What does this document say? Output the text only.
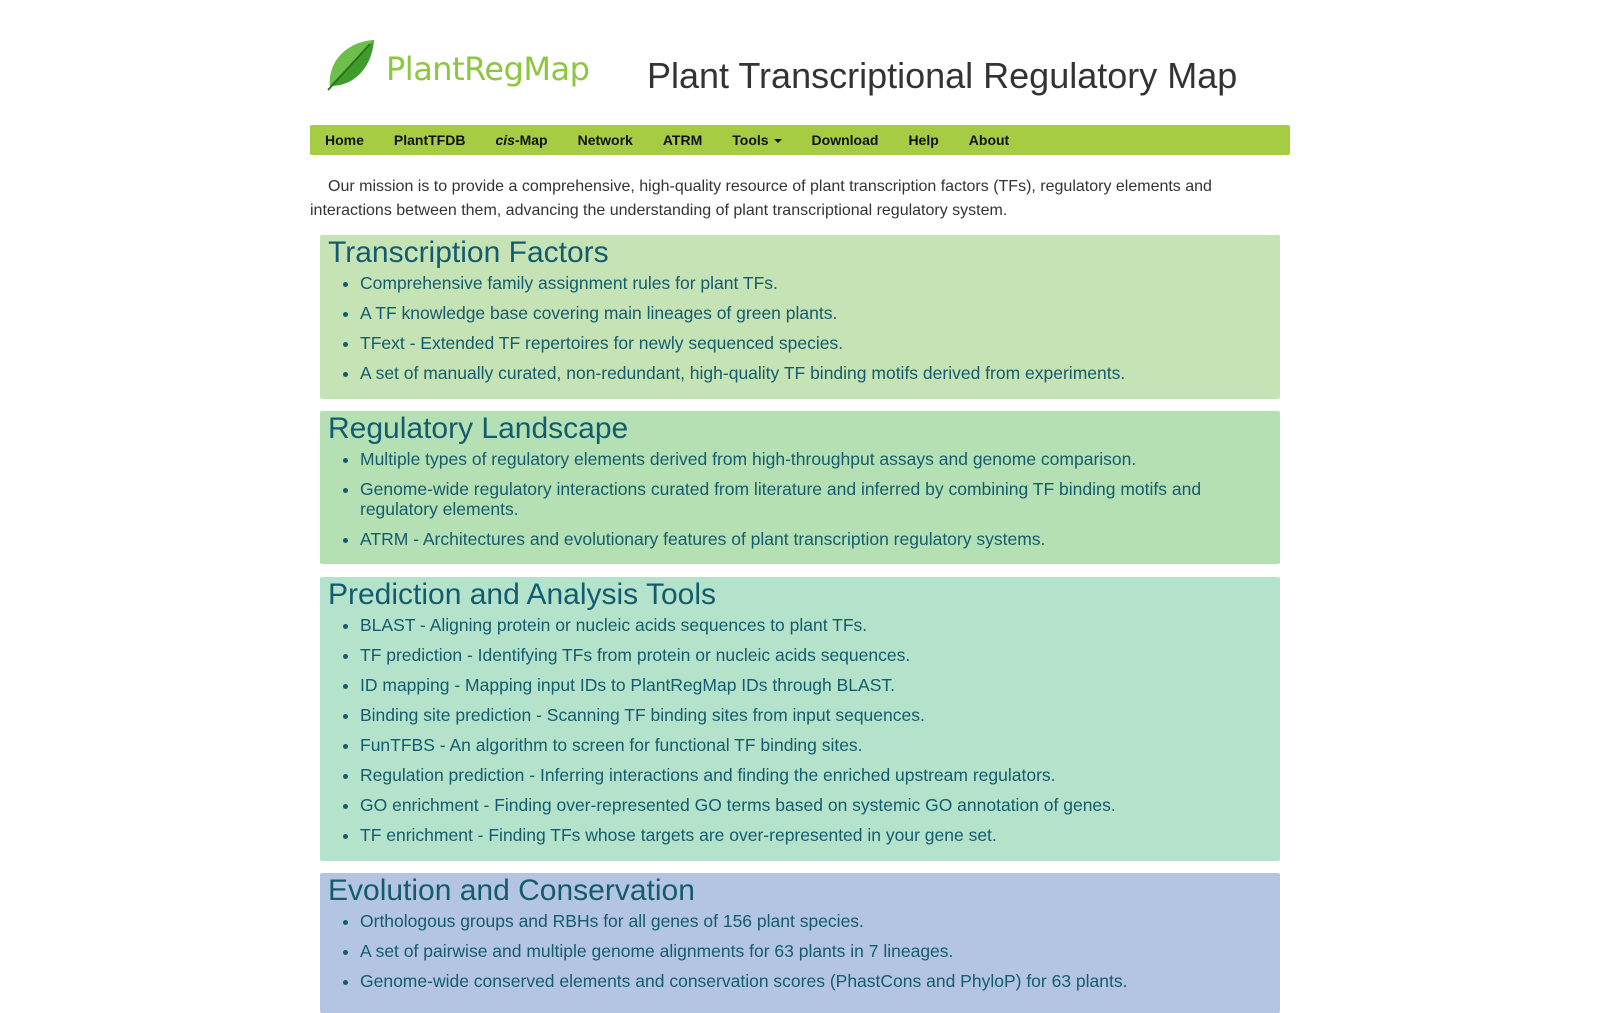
PlantRegMap Plant Transcriptional Regulatory Map
Home PlantTFDB cis-Map Network ATRM Tools	Download Help About

Our mission is to provide a comprehensive, high-quality resource of plant transcription factors (TFs), regulatory elements and interactions between them, advancing the understanding of plant transcriptional regulatory system.

Transcription Factors
• Comprehensive family assignment rules for plant TFs.
• A TF knowledge base covering main lineages of green plants.
• TFext - Extended TF repertoires for newly sequenced species.
• A set of manually curated, non-redundant, high-quality TF binding motifs derived from experiments.
Regulatory Landscape
• Multiple types of regulatory elements derived from high-throughput assays and genome comparison.
• Genome-wide regulatory interactions curated from literature and inferred by combining TF binding motifs and regulatory elements.
• ATRM - Architectures and evolutionary features of plant transcription regulatory systems.
Prediction and Analysis Tools
• BLAST - Aligning protein or nucleic acids sequences to plant TFs.
• TF prediction - Identifying TFs from protein or nucleic acids sequences.
• ID mapping - Mapping input IDs to PlantRegMap IDs through BLAST.
• Binding site prediction - Scanning TF binding sites from input sequences.
• FunTFBS - An algorithm to screen for functional TF binding sites.
• Regulation prediction - Inferring interactions and finding the enriched upstream regulators.
• GO enrichment - Finding over-represented GO terms based on systemic GO annotation of genes.
• TF enrichment - Finding TFs whose targets are over-represented in your gene set.
Evolution and Conservation
• Orthologous groups and RBHs for all genes of 156 plant species.
• A set of pairwise and multiple genome alignments for 63 plants in 7 lineages.
• Genome-wide conserved elements and conservation scores (PhastCons and PhyloP) for 63 plants.
